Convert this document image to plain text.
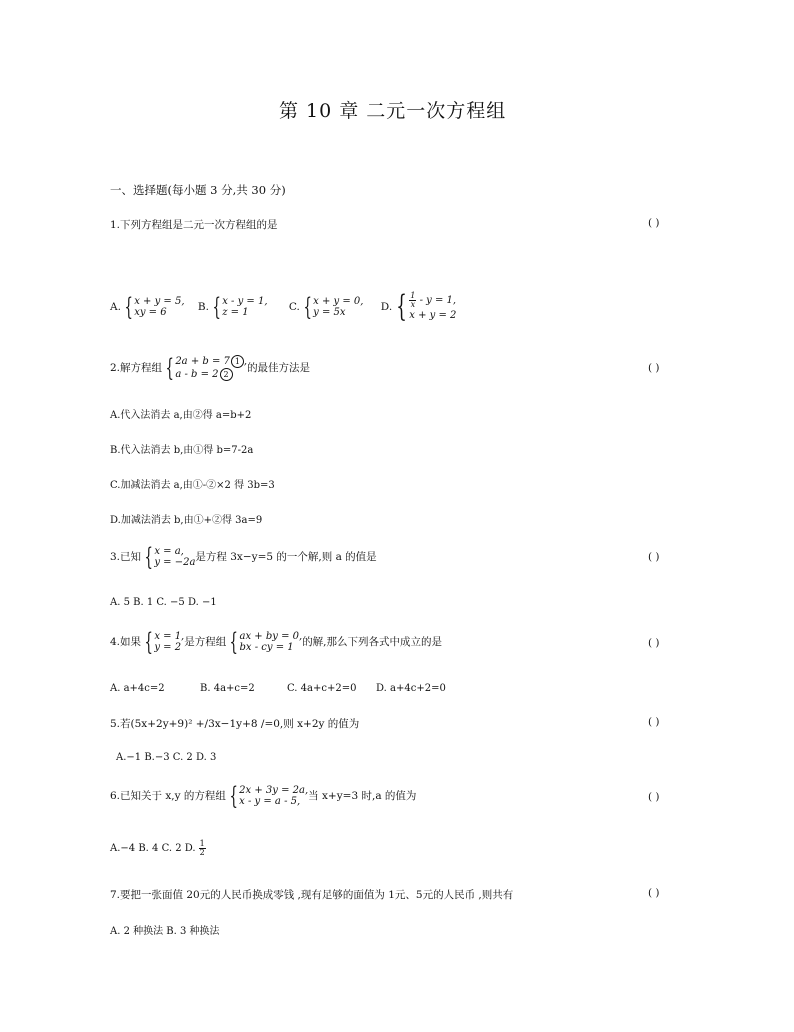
第 10 章 二元一次方程组
一、选择题(每小题 3 分,共 30 分)
1.下列方程组是二元一次方程组的是	( )
A. { x + y = 5,
xy = 6	B. { x - y = 1,
z = 1	C. { x + y = 0,
y = 5x	D. { $\frac{1}{x} - y = 1$,
x + y = 2
2.解方程组 { 2a + b = 7 1 ,
a - b = 2 2
的最佳方法是	( )
A.代入法消去 a,由②得 a=b+2
B.代入法消去 b,由①得 b=7-2a
C.加减法消去 a,由①-②×2 得 3b=3
D.加减法消去 b,由①+②得 3a=9
3.已知 { x = a,
y = −2a 是方程 3x−y=5 的一个解,则 a 的值是	( )
A. 5 B. 1 C. −5 D. −1
4.如果 { x = 1,
y = 2 是方程组 { ax + by = 0,
bx - cy = 1 的解,那么下列各式中成立的是	( )
A. a+4c=2	B. 4a+c=2	C. 4a+c+2=0 D. a+4c+2=0
5.若(5x+2y+9)² +/3x−1y+8 /=0,则 x+2y 的值为	( )
A.−1 B.−3 C. 2 D. 3
6.已知关于 x,y 的方程组 { 2x + 3y = 2a,
x - y = a - 5, 当 x+y=3 时,a 的值为	( )
A.−4 B. 4 C. 2 D. $\frac{1}{2}$
7.要把一张面值 20元的人民币换成零钱 ,现有足够的面值为 1元、5元的人民币 ,则共有	( )
A. 2 种换法 B. 3 种换法
